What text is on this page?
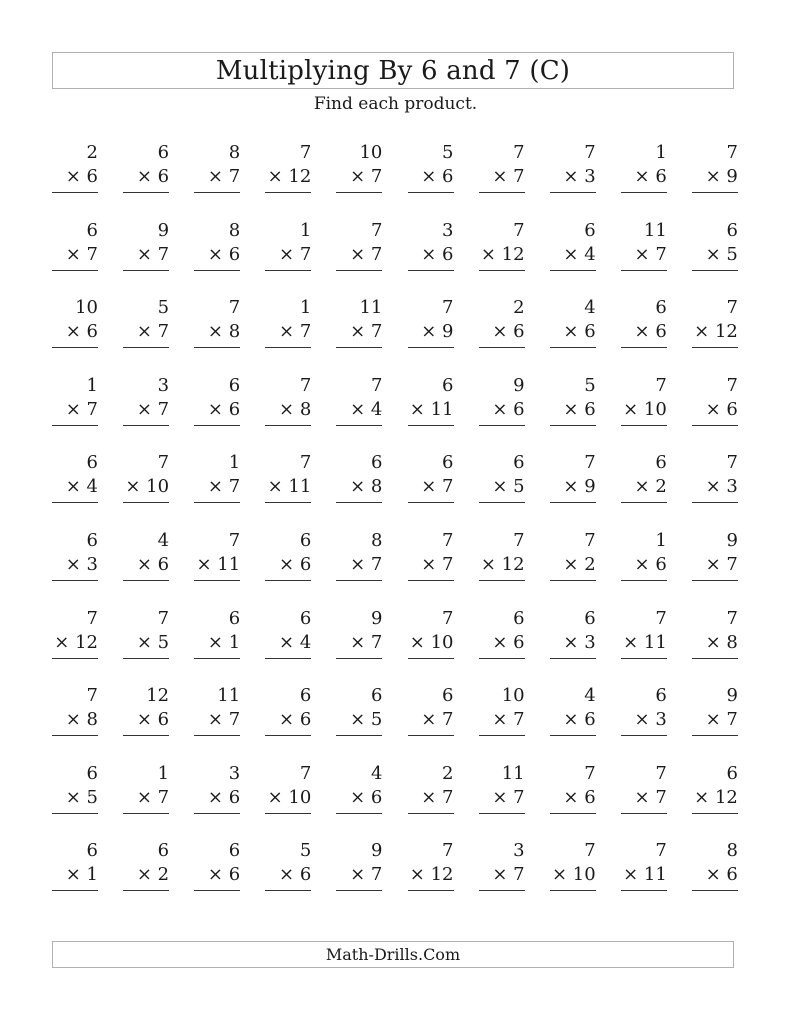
Multiplying By 6 and 7 (C)
Find each product.
2
× 6
6
× 6
8
× 7
7
× 12
10
× 7
5
× 6
7
× 7
7
× 3
1
× 6
7
× 9
6
× 7
9
× 7
8
× 6
1
× 7
7
× 7
3
× 6
7
× 12
6
× 4
11
× 7
6
× 5
10
× 6
5
× 7
7
× 8
1
× 7
11
× 7
7
× 9
2
× 6
4
× 6
6
× 6
7
× 12
1
× 7
3
× 7
6
× 6
7
× 8
7
× 4
6
× 11
9
× 6
5
× 6
7
× 10
7
× 6
6
× 4
7
× 10
1
× 7
7
× 11
6
× 8
6
× 7
6
× 5
7
× 9
6
× 2
7
× 3
6
× 3
4
× 6
7
× 11
6
× 6
8
× 7
7
× 7
7
× 12
7
× 2
1
× 6
9
× 7
7
× 12
7
× 5
6
× 1
6
× 4
9
× 7
7
× 10
6
× 6
6
× 3
7
× 11
7
× 8
7
× 8
12
× 6
11
× 7
6
× 6
6
× 5
6
× 7
10
× 7
4
× 6
6
× 3
9
× 7
6
× 5
1
× 7
3
× 6
7
× 10
4
× 6
2
× 7
11
× 7
7
× 6
7
× 7
6
× 12
6
× 1
6
× 2
6
× 6
5
× 6
9
× 7
7
× 12
3
× 7
7
× 10
7
× 11
8
× 6
Math-Drills.Com
